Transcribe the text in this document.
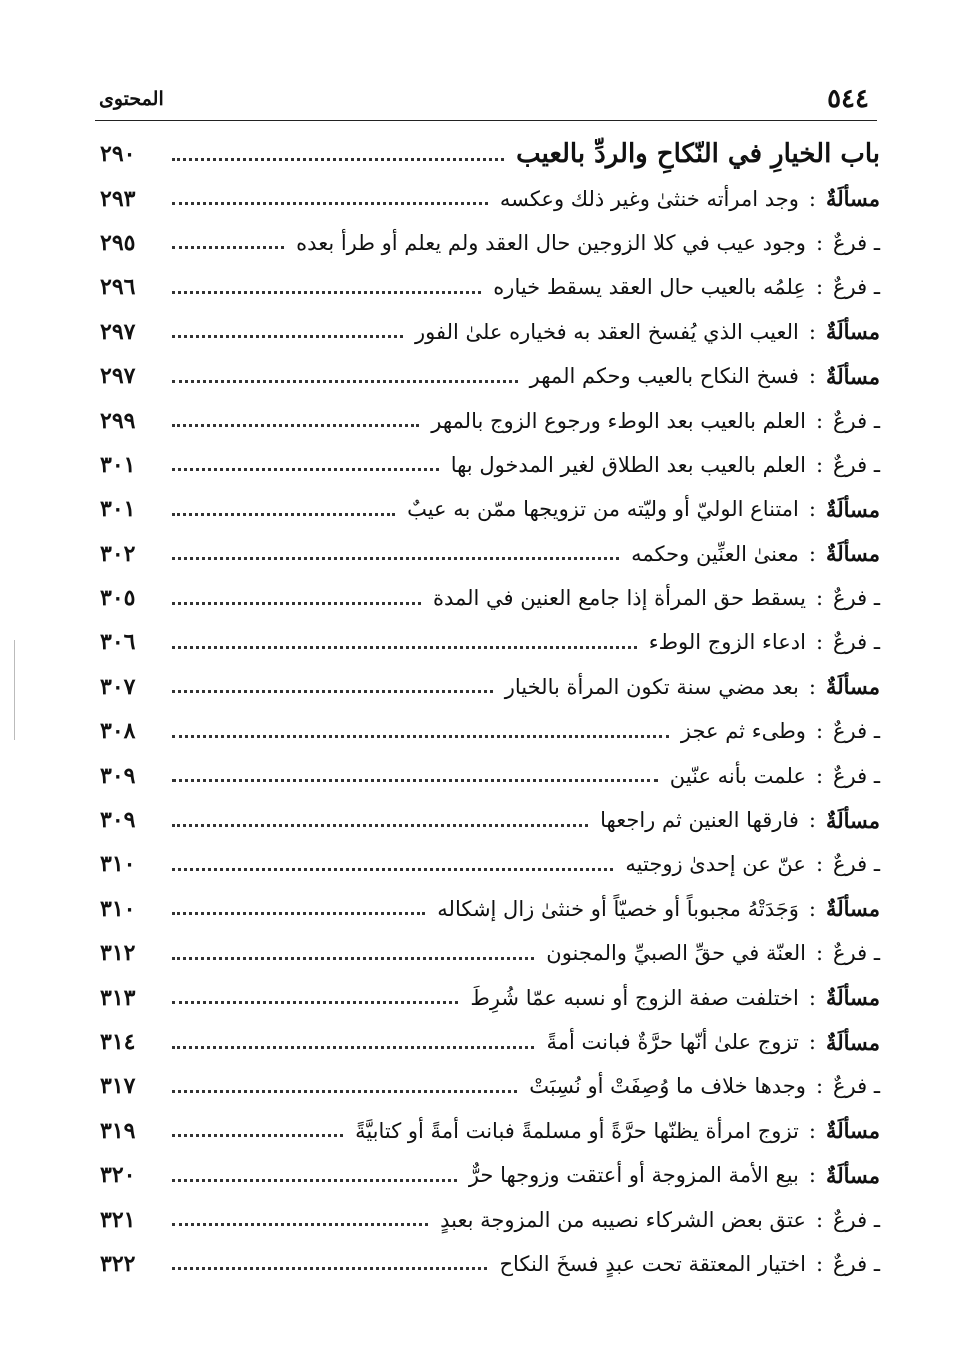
٥٤٤
المحتوى
باب الخيارِ في النّكاحِ والردِّ بالعيب
٢٩٠
مسألَةٌ
:
وجد امرأته خنثىٰ وغير ذلك وعكسه
٢٩٣
ـ فرعٌ
:
وجود عيب في كلا الزوجين حال العقد ولم يعلم أو طرأ بعده
٢٩٥
ـ فرعٌ
:
عِلمُه بالعيب حال العقد يسقط خياره
٢٩٦
مسألَةٌ
:
العيب الذي يُفسخ العقد به فخياره علىٰ الفور
٢٩٧
مسألَةٌ
:
فسخ النكاح بالعيب وحكم المهر
٢٩٧
ـ فرعٌ
:
العلم بالعيب بعد الوطء ورجوع الزوج بالمهر
٢٩٩
ـ فرعٌ
:
العلم بالعيب بعد الطلاق لغير المدخول بها
٣٠١
مسألَةٌ
:
امتناع الوليّ أو وليّته من تزويجها ممّن به عيبٌ
٣٠١
مسألَةٌ
:
معنىٰ العنِّين وحكمه
٣٠٢
ـ فرعٌ
:
يسقط حق المرأة إذا جامع العنين في المدة
٣٠٥
ـ فرعٌ
:
ادعاء الزوج الوطء
٣٠٦
مسألَةٌ
:
بعد مضي سنة تكون المرأة بالخيار
٣٠٧
ـ فرعٌ
:
وطىء ثم عجز
٣٠٨
ـ فرعٌ
:
علمت بأنه عنّين
٣٠٩
مسألَةٌ
:
فارقها العنين ثم راجعها
٣٠٩
ـ فرعٌ
:
عنّ عن إحدىٰ زوجتيه
٣١٠
مسألَةٌ
:
وَجَدَتْهُ مجبوباً أو خصيّاً أو خنثىٰ زال إشكاله
٣١٠
ـ فرعٌ
:
العنّة في حقِّ الصبيِّ والمجنون
٣١٢
مسألَةٌ
:
اختلفت صفة الزوج أو نسبه عمّا شُرِطَ
٣١٣
مسألَةٌ
:
تزوج علىٰ أنّها حرَّةٌ فبانت أمةً
٣١٤
ـ فرعٌ
:
وجدها خلاف ما وُصِفَتْ أو نُسِبَتْ
٣١٧
مسألَةٌ
:
تزوج امرأة يظنّها حرَّةً أو مسلمةً فبانت أمةً أو كتابيَّةً
٣١٩
مسألَةٌ
:
بيع الأمة المزوجة أو أعتقت وزوجها حرٌّ
٣٢٠
ـ فرعٌ
:
عتق بعض الشركاء نصيبه من المزوجة بعبدٍ
٣٢١
ـ فرعٌ
:
اختيار المعتقة تحت عبدٍ فسخَ النكاح
٣٢٢
